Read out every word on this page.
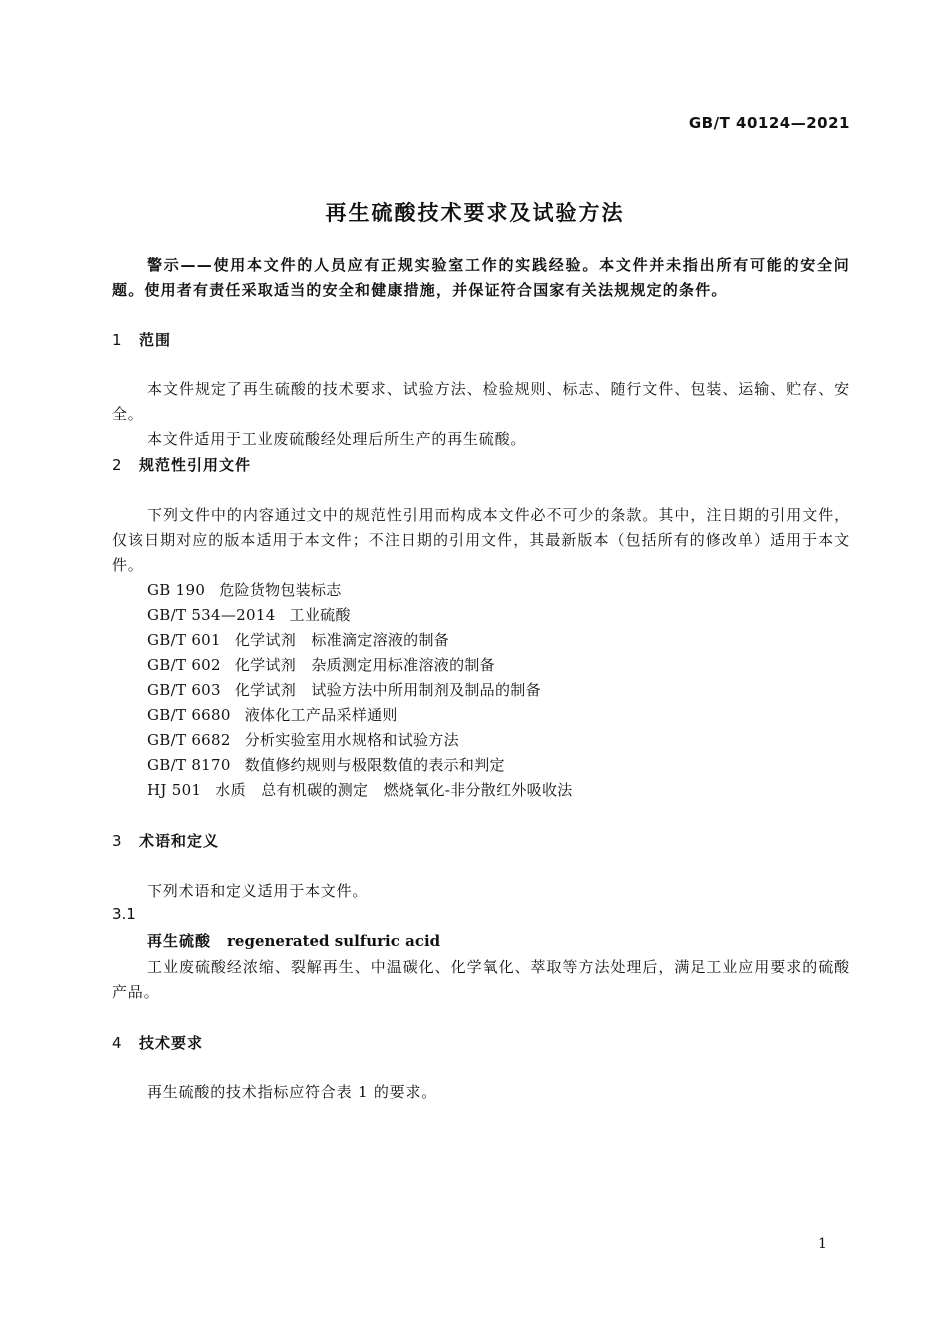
GB/T 40124—2021
再生硫酸技术要求及试验方法
警示——使用本文件的人员应有正规实验室工作的实践经验。本文件并未指出所有可能的安全问题。使用者有责任采取适当的安全和健康措施，并保证符合国家有关法规规定的条件。
1 范围

本文件规定了再生硫酸的技术要求、试验方法、检验规则、标志、随行文件、包装、运输、贮存、安全。

本文件适用于工业废硫酸经处理后所生产的再生硫酸。

2 规范性引用文件
下列文件中的内容通过文中的规范性引用而构成本文件必不可少的条款。其中，注日期的引用文件，仅该日期对应的版本适用于本文件；不注日期的引用文件，其最新版本（包括所有的修改单）适用于本文件。
GB 190 危险货物包装标志
GB/T 534—2014 工业硫酸
GB/T 601 化学试剂　标准滴定溶液的制备
GB/T 602 化学试剂　杂质测定用标准溶液的制备
GB/T 603 化学试剂　试验方法中所用制剂及制品的制备
GB/T 6680 液体化工产品采样通则
GB/T 6682 分析实验室用水规格和试验方法
GB/T 8170 数值修约规则与极限数值的表示和判定
HJ 501 水质　总有机碳的测定　燃烧氧化-非分散红外吸收法
3 术语和定义
下列术语和定义适用于本文件。
3.1
再生硫酸 regenerated sulfuric acid
工业废硫酸经浓缩、裂解再生、中温碳化、化学氧化、萃取等方法处理后，满足工业应用要求的硫酸产品。
4 技术要求
再生硫酸的技术指标应符合表 1 的要求。
1
